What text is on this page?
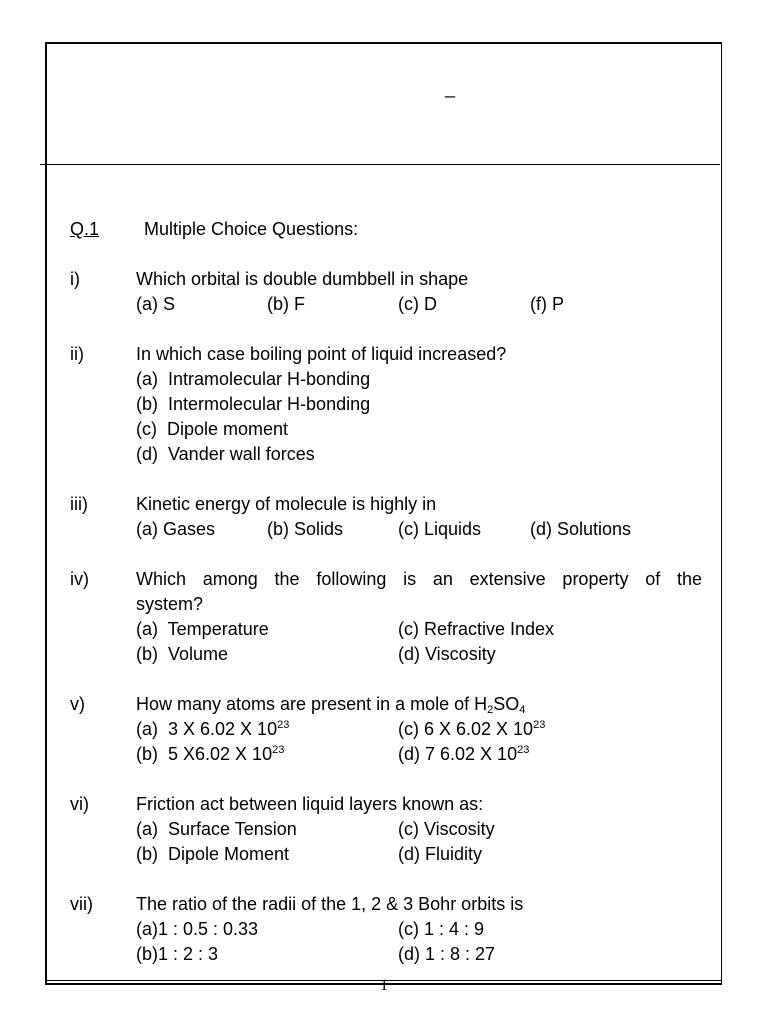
_
1
Q.1 Multiple Choice Questions:
i)	Which orbital is double dumbbell in shape
(a) S	(b) F	(c) D	(f) P
ii)	In which case boiling point of liquid increased?
(a)  Intramolecular H-bonding
(b)  Intermolecular H-bonding
(c)  Dipole moment
(d)  Vander wall forces
iii)	Kinetic energy of molecule is highly in
(a) Gases	(b) Solids	(c) Liquids	(d) Solutions
iv)	Which among the following is an extensive property of the
system?
(a)  Temperature	(c) Refractive Index
(b)  Volume	(d) Viscosity
v)	How many atoms are present in a mole of $H_2SO_4$
(a)  3 X 6.02 X $10^{23}$	(c) 6 X 6.02 X $10^{23}$
(b)  5 X6.02 X $10^{23}$	(d) 7 6.02 X $10^{23}$
vi)	Friction act between liquid layers known as:
(a)  Surface Tension	(c) Viscosity
(b)  Dipole Moment	(d) Fluidity
vii) The ratio of the radii of the 1, 2 & 3 Bohr orbits is
(a)1 : 0.5 : 0.33	(c) 1 : 4 : 9
(b)1 : 2 : 3	(d) 1 : 8 : 27
